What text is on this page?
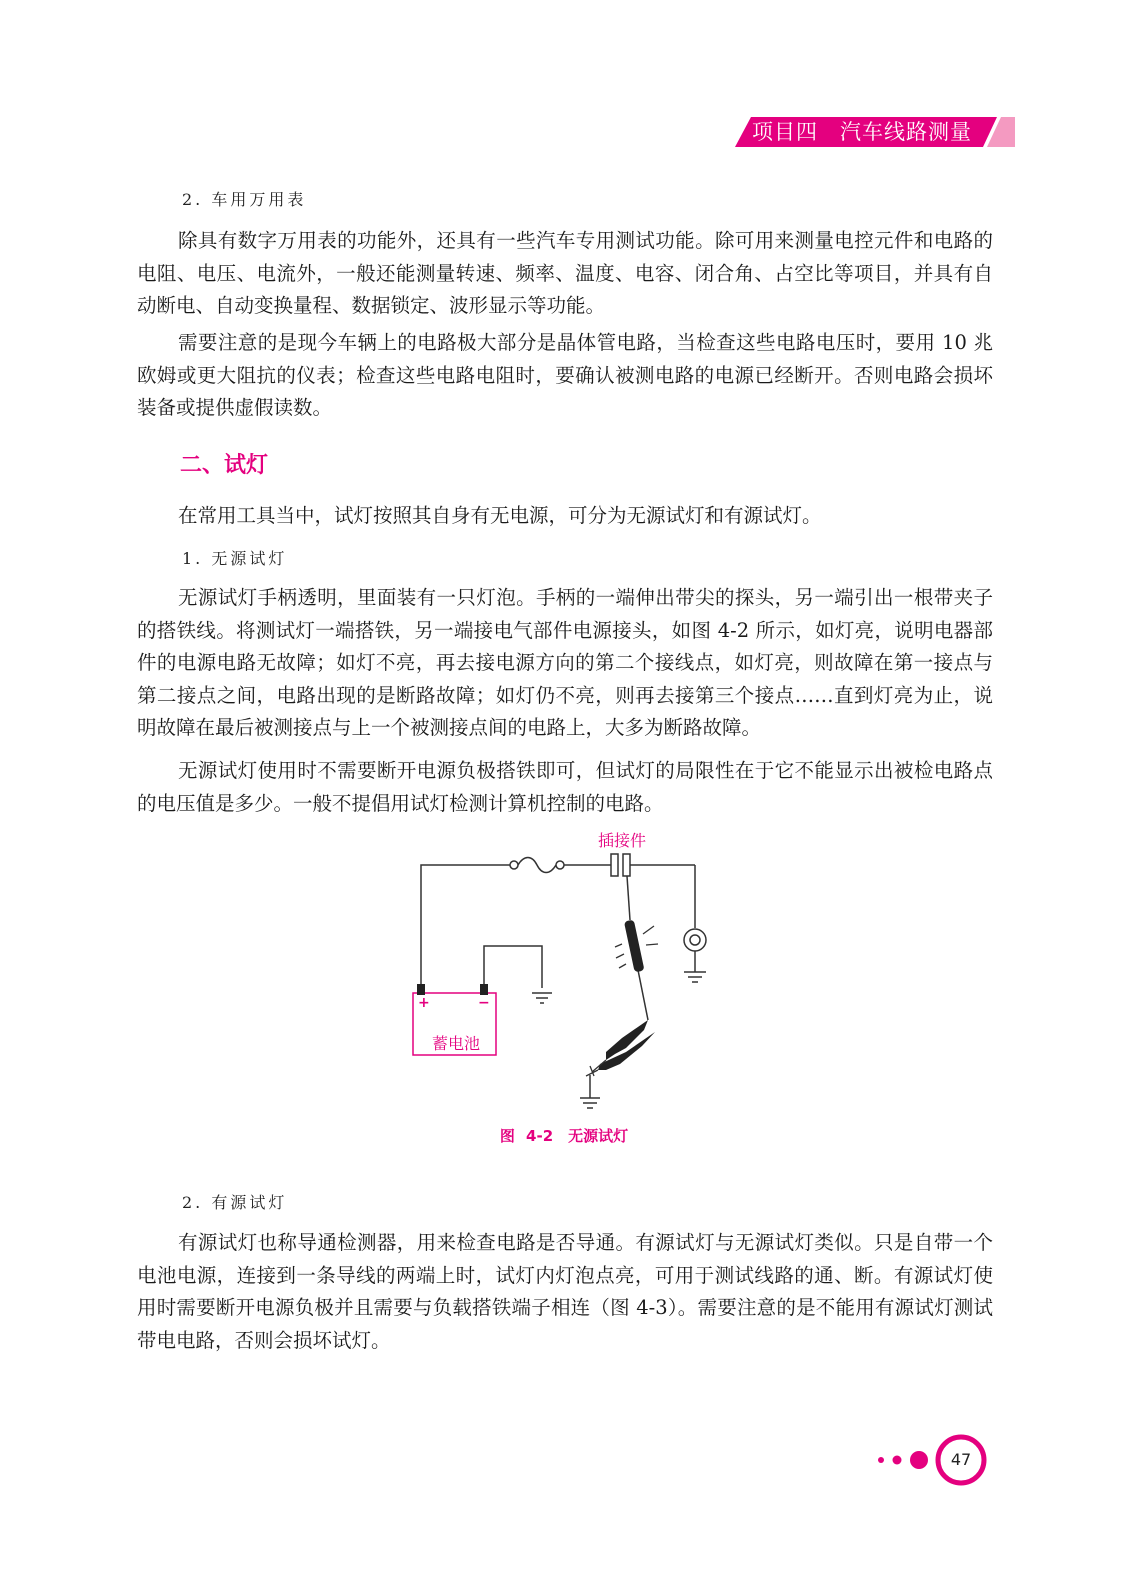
项目四　汽车线路测量
2. 车用万用表

除具有数字万用表的功能外，还具有一些汽车专用测试功能。除可用来测量电控元件和电路的电阻、电压、电流外，一般还能测量转速、频率、温度、电容、闭合角、占空比等项目，并具有自动断电、自动变换量程、数据锁定、波形显示等功能。

需要注意的是现今车辆上的电路极大部分是晶体管电路，当检查这些电路电压时，要用 10 兆欧姆或更大阻抗的仪表；检查这些电路电阻时，要确认被测电路的电源已经断开。否则电路会损坏装备或提供虚假读数。

二、试灯

在常用工具当中，试灯按照其自身有无电源，可分为无源试灯和有源试灯。

1. 无源试灯

无源试灯手柄透明，里面装有一只灯泡。手柄的一端伸出带尖的探头，另一端引出一根带夹子的搭铁线。将测试灯一端搭铁，另一端接电气部件电源接头，如图 4-2 所示，如灯亮，说明电器部件的电源电路无故障；如灯不亮，再去接电源方向的第二个接线点，如灯亮，则故障在第一接点与第二接点之间，电路出现的是断路故障；如灯仍不亮，则再去接第三个接点……直到灯亮为止，说明故障在最后被测接点与上一个被测接点间的电路上，大多为断路故障。

无源试灯使用时不需要断开电源负极搭铁即可，但试灯的局限性在于它不能显示出被检电路点的电压值是多少。一般不提倡用试灯检测计算机控制的电路。

插接件
+	−
蓄电池
图 4-2　无源试灯
2. 有源试灯

有源试灯也称导通检测器，用来检查电路是否导通。有源试灯与无源试灯类似。只是自带一个电池电源，连接到一条导线的两端上时，试灯内灯泡点亮，可用于测试线路的通、断。有源试灯使用时需要断开电源负极并且需要与负载搭铁端子相连（图 4-3）。需要注意的是不能用有源试灯测试带电电路，否则会损坏试灯。

47
